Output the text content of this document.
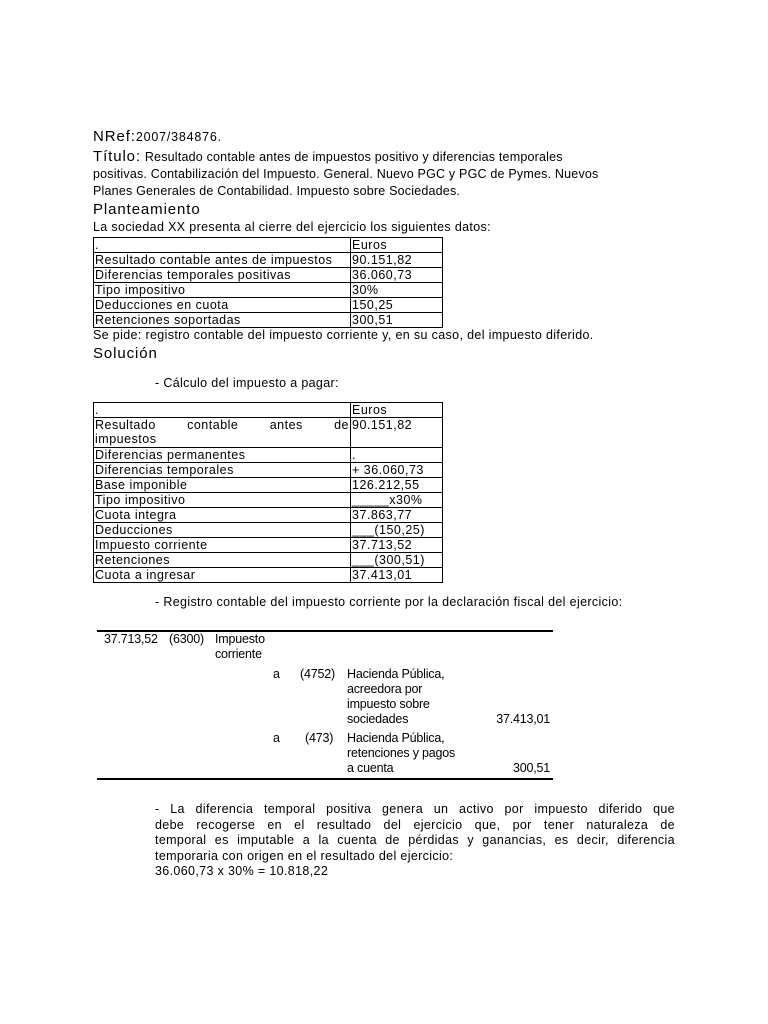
NRef:2007/384876.
Título: Resultado contable antes de impuestos positivo y diferencias temporales
positivas. Contabilización del Impuesto. General. Nuevo PGC y PGC de Pymes. Nuevos
Planes Generales de Contabilidad. Impuesto sobre Sociedades.
Planteamiento
La sociedad XX presenta al cierre del ejercicio los siguientes datos:
.	Euros
Resultado contable antes de impuestos	90.151,82
Diferencias temporales positivas	36.060,73
Tipo impositivo	30%
Deducciones en cuota	150,25
Retenciones soportadas	300,51
Se pide: registro contable del impuesto corriente y, en su caso, del impuesto diferido.
Solución
- Cálculo del impuesto a pagar:
.	Euros

Resultado contable antes de
impuestos	90.151,82
Diferencias permanentes	.
Diferencias temporales	+ 36.060,73
Base imponible	126.212,55
Tipo impositivo	_____x30%
Cuota integra	37.863,77
Deducciones	___(150,25)
Impuesto corriente	37.713,52
Retenciones	___(300,51)
Cuota a ingresar	37.413,01
- Registro contable del impuesto corriente por la declaración fiscal del ejercicio:
37.713,52 (6300) Impuesto
corriente
a (4752) Hacienda Pública,
acreedora por
impuesto sobre
sociedades	37.413,01
a (473) Hacienda Pública,
retenciones y pagos
a cuenta	300,51
- La diferencia temporal positiva genera un activo por impuesto diferido que
debe recogerse en el resultado del ejercicio que, por tener naturaleza de
temporal es imputable a la cuenta de pérdidas y ganancias, es decir, diferencia
temporaria con origen en el resultado del ejercicio:
36.060,73 x 30% = 10.818,22
